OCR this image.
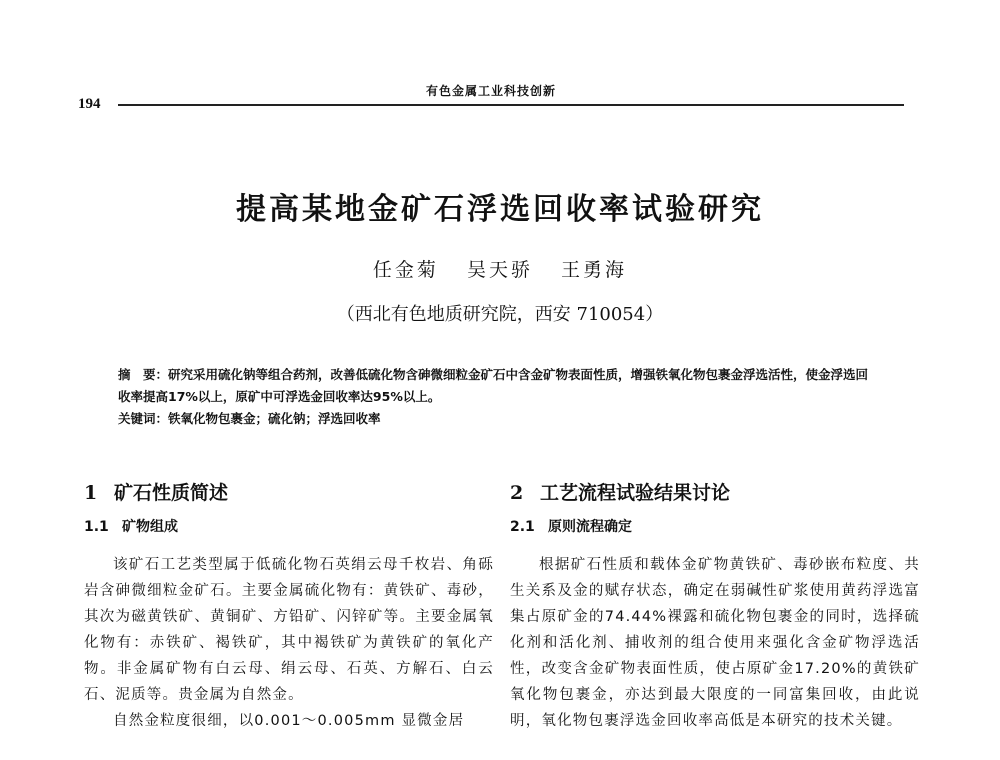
有色金属工业科技创新
194
提高某地金矿石浮选回收率试验研究
任金菊 吴天骄 王勇海
（西北有色地质研究院，西安 710054）

摘　要：研究采用硫化钠等组合药剂，改善低硫化物含砷微细粒金矿石中含金矿物表面性质，增强铁氧化物包裹金浮选活性，使金浮选回收率提高17%以上，原矿中可浮选金回收率达95%以上。

关键词：铁氧化物包裹金；硫化钠；浮选回收率

1 矿石性质简述
1.1 矿物组成

该矿石工艺类型属于低硫化物石英绢云母千枚岩、角砾岩含砷微细粒金矿石。主要金属硫化物有：黄铁矿、毒砂，其次为磁黄铁矿、黄铜矿、方铅矿、闪锌矿等。主要金属氧化物有：赤铁矿、褐铁矿，其中褐铁矿为黄铁矿的氧化产物。非金属矿物有白云母、绢云母、石英、方解石、白云石、泥质等。贵金属为自然金。

自然金粒度很细，以0.001～0.005mm 显微金居

2 工艺流程试验结果讨论
2.1 原则流程确定

根据矿石性质和载体金矿物黄铁矿、毒砂嵌布粒度、共生关系及金的赋存状态，确定在弱碱性矿浆使用黄药浮选富集占原矿金的74.44%裸露和硫化物包裹金的同时，选择硫化剂和活化剂、捕收剂的组合使用来强化含金矿物浮选活性，改变含金矿物表面性质，使占原矿金17.20%的黄铁矿氧化物包裹金，亦达到最大限度的一同富集回收，由此说明，氧化物包裹浮选金回收率高低是本研究的技术关键。
